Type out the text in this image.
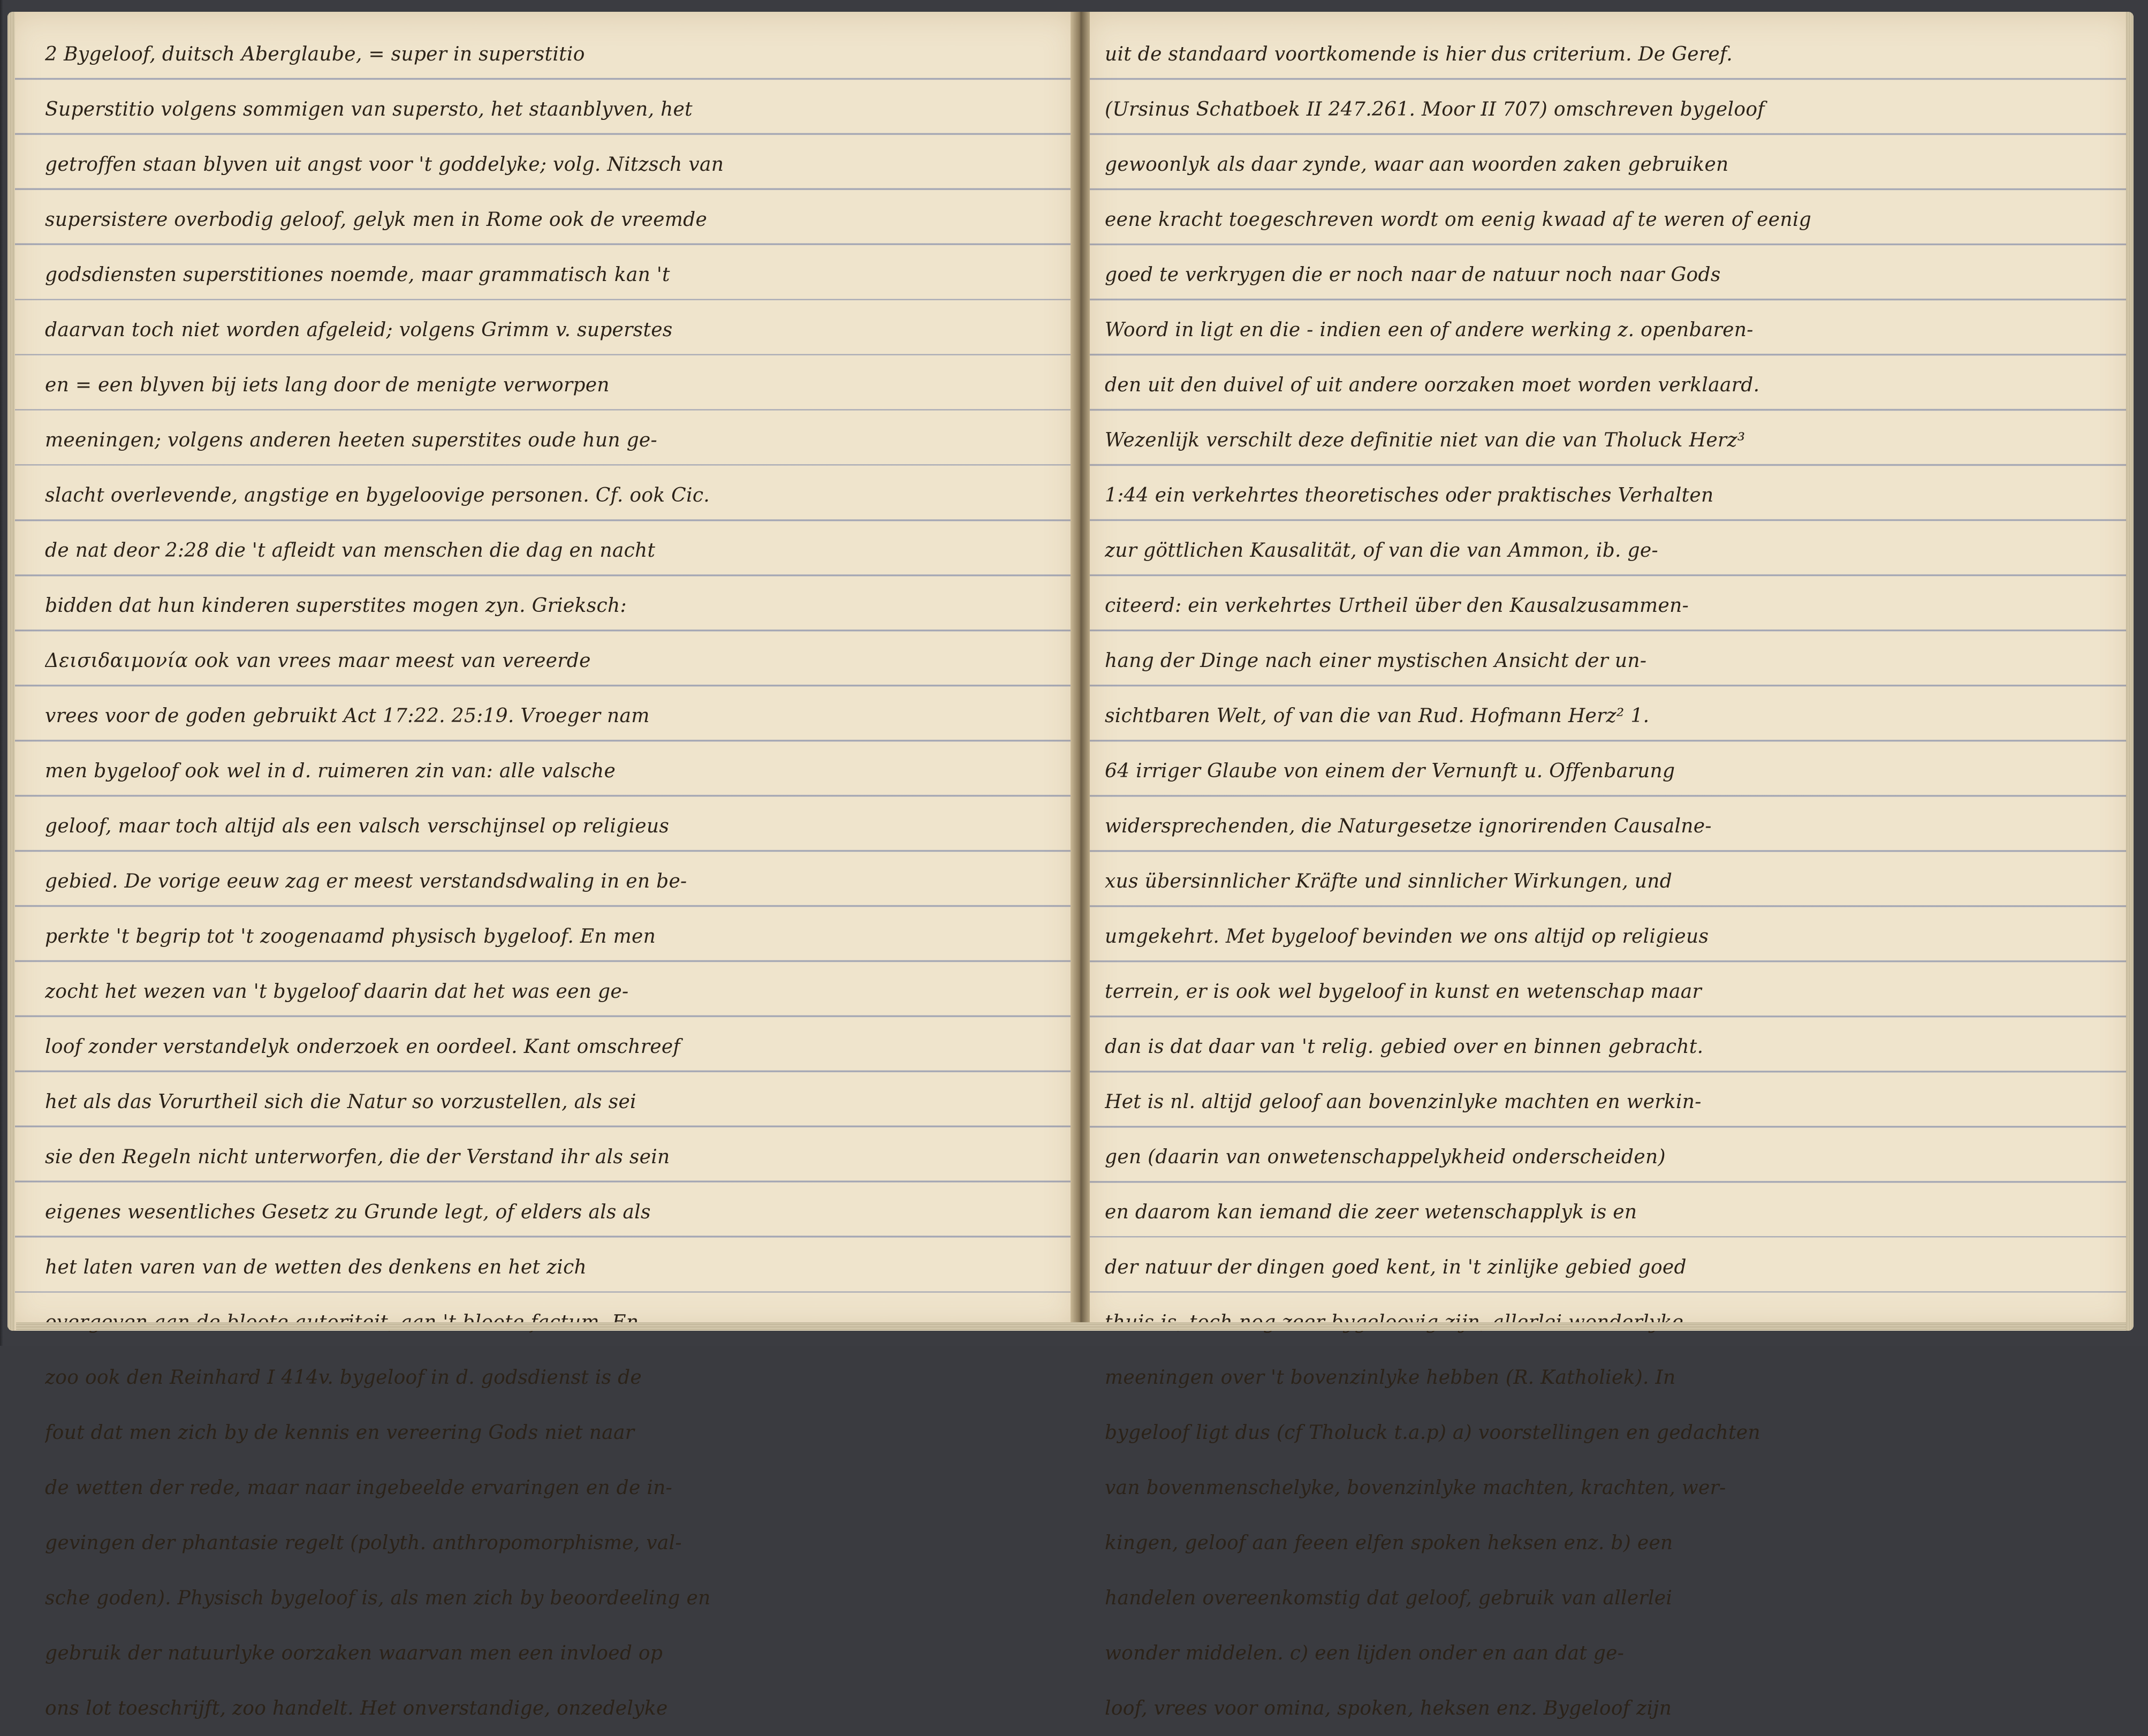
2 Bygeloof, duitsch Aberglaube, = super in superstitio
Superstitio volgens sommigen van supersto, het staanblyven, het
getroffen staan blyven uit angst voor 't goddelyke; volg. Nitzsch van
supersistere overbodig geloof, gelyk men in Rome ook de vreemde
godsdiensten superstitiones noemde, maar grammatisch kan 't
daarvan toch niet worden afgeleid; volgens Grimm v. superstes
en = een blyven bij iets lang door de menigte verworpen
meeningen; volgens anderen heeten superstites oude hun ge-
slacht overlevende, angstige en bygeloovige personen. Cf. ook Cic.
de nat deor 2:28 die 't afleidt van menschen die dag en nacht
bidden dat hun kinderen superstites mogen zyn. Grieksch:
Δεισιδαιμονία ook van vrees maar meest van vereerde
vrees voor de goden gebruikt Act 17:22. 25:19. Vroeger nam
men bygeloof ook wel in d. ruimeren zin van: alle valsche
geloof, maar toch altijd als een valsch verschijnsel op religieus
gebied. De vorige eeuw zag er meest verstandsdwaling in en be-
perkte 't begrip tot 't zoogenaamd physisch bygeloof. En men
zocht het wezen van 't bygeloof daarin dat het was een ge-
loof zonder verstandelyk onderzoek en oordeel. Kant omschreef
het als das Vorurtheil sich die Natur so vorzustellen, als sei
sie den Regeln nicht unterworfen, die der Verstand ihr als sein
eigenes wesentliches Gesetz zu Grunde legt, of elders als als
het laten varen van de wetten des denkens en het zich
zoo ook den Reinhard I 414v. bygeloof in d. godsdienst is de
fout dat men zich by de kennis en vereering Gods niet naar
de wetten der rede, maar naar ingebeelde ervaringen en de in-
gevingen der phantasie regelt (polyth. anthropomorphisme, val-
sche goden). Physisch bygeloof is, als men zich by beoordeeling en
gebruik der natuurlyke oorzaken waarvan men een invloed op
ons lot toeschrijft, zoo handelt. Het onverstandige, onzedelyke
uit de standaard voortkomende is hier dus criterium. De Geref.
(Ursinus Schatboek II 247.261. Moor II 707) omschreven bygeloof
gewoonlyk als daar zynde, waar aan woorden zaken gebruiken
eene kracht toegeschreven wordt om eenig kwaad af te weren of eenig
goed te verkrygen die er noch naar de natuur noch naar Gods
Woord in ligt en die - indien een of andere werking z. openbaren-
den uit den duivel of uit andere oorzaken moet worden verklaard.
Wezenlijk verschilt deze definitie niet van die van Tholuck Herz³
1:44 ein verkehrtes theoretisches oder praktisches Verhalten
zur göttlichen Kausalität, of van die van Ammon, ib. ge-
citeerd: ein verkehrtes Urtheil über den Kausalzusammen-
hang der Dinge nach einer mystischen Ansicht der un-
sichtbaren Welt, of van die van Rud. Hofmann Herz² 1.
64 irriger Glaube von einem der Vernunft u. Offenbarung
widersprechenden, die Naturgesetze ignorirenden Causalne-
xus übersinnlicher Kräfte und sinnlicher Wirkungen, und
umgekehrt. Met bygeloof bevinden we ons altijd op religieus
terrein, er is ook wel bygeloof in kunst en wetenschap maar
dan is dat daar van 't relig. gebied over en binnen gebracht.
Het is nl. altijd geloof aan bovenzinlyke machten en werkin-
gen (daarin van onwetenschappelykheid onderscheiden)
en daarom kan iemand die zeer wetenschapplyk is en
der natuur der dingen goed kent, in 't zinlijke gebied goed
meeningen over 't bovenzinlyke hebben (R. Katholiek). In
bygeloof ligt dus (cf Tholuck t.a.p) a) voorstellingen en gedachten
van bovenmenschelyke, bovenzinlyke machten, krachten, wer-
kingen, geloof aan feeen elfen spoken heksen enz. b) een
handelen overeenkomstig dat geloof, gebruik van allerlei
wonder middelen. c) een lijden onder en aan dat ge-
loof, vrees voor omina, spoken, heksen enz. Bygeloof zijn
